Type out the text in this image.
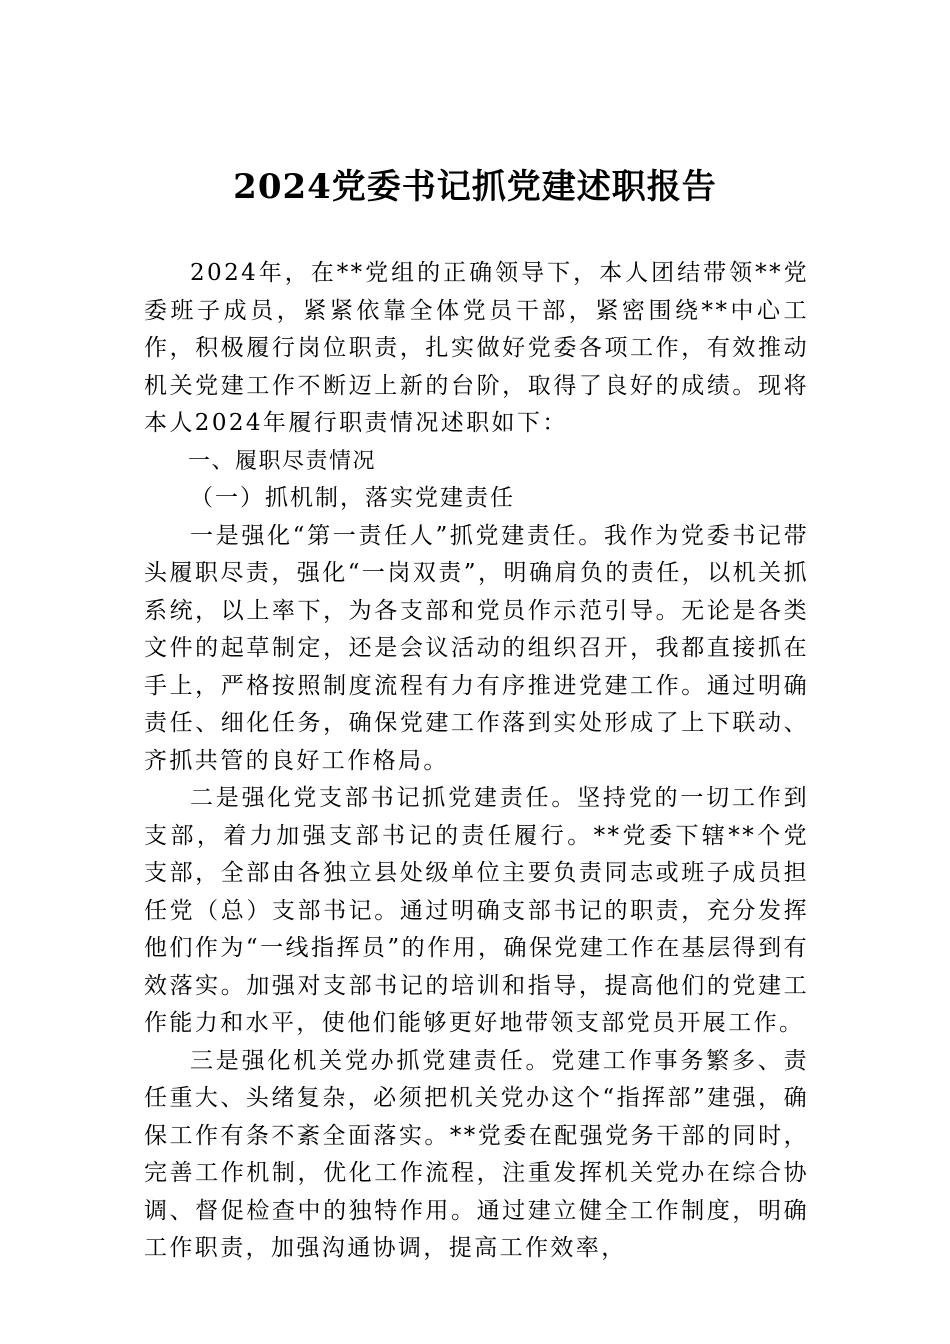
2024党委书记抓党建述职报告

2024年，在**党组的正确领导下，本人团结带领**党委班子成员，紧紧依靠全体党员干部，紧密围绕**中心工作，积极履行岗位职责，扎实做好党委各项工作，有效推动机关党建工作不断迈上新的台阶，取得了良好的成绩。现将本人2024年履行职责情况述职如下：

一、履职尽责情况

（一）抓机制，落实党建责任

一是强化“第一责任人”抓党建责任。我作为党委书记带头履职尽责，强化“一岗双责”，明确肩负的责任，以机关抓系统，以上率下，为各支部和党员作示范引导。无论是各类文件的起草制定，还是会议活动的组织召开，我都直接抓在手上，严格按照制度流程有力有序推进党建工作。通过明确责任、细化任务，确保党建工作落到实处形成了上下联动、齐抓共管的良好工作格局。

二是强化党支部书记抓党建责任。坚持党的一切工作到支部，着力加强支部书记的责任履行。**党委下辖**个党支部，全部由各独立县处级单位主要负责同志或班子成员担任党（总）支部书记。通过明确支部书记的职责，充分发挥他们作为“一线指挥员”的作用，确保党建工作在基层得到有效落实。加强对支部书记的培训和指导，提高他们的党建工作能力和水平，使他们能够更好地带领支部党员开展工作。

三是强化机关党办抓党建责任。党建工作事务繁多、责任重大、头绪复杂，必须把机关党办这个“指挥部”建强，确保工作有条不紊全面落实。**党委在配强党务干部的同时，完善工作机制，优化工作流程，注重发挥机关党办在综合协调、督促检查中的独特作用。通过建立健全工作制度，明确工作职责，加强沟通协调，提高工作效率，
